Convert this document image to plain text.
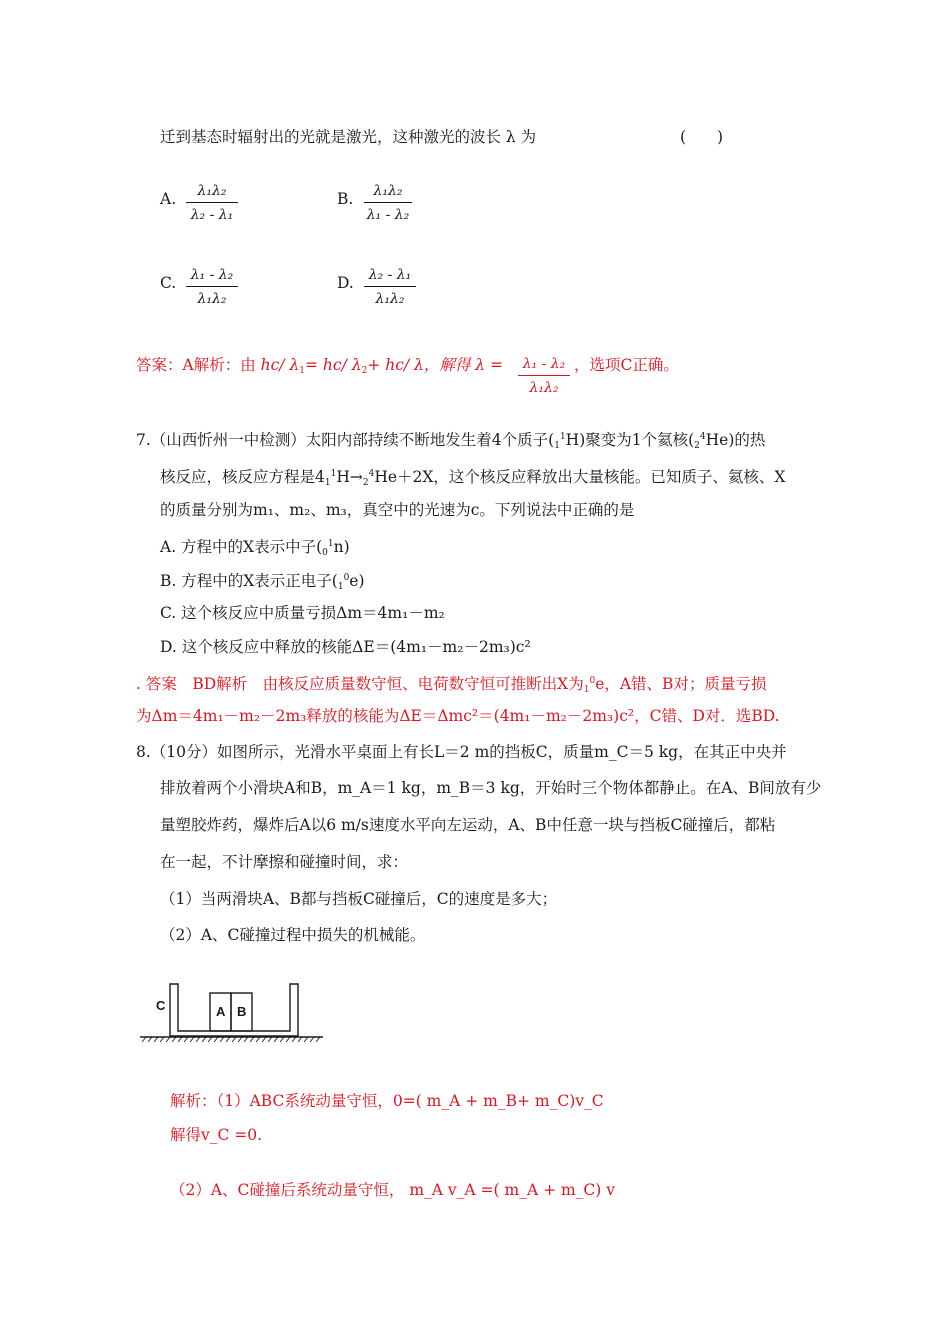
迁到基态时辐射出的光就是激光，这种激光的波长 λ 为	(　　)
A.	λ₁λ₂
λ₂ - λ₁
B.	λ₁λ₂
λ₁ - λ₂
C.	λ₁ - λ₂
λ₁λ₂
D.	λ₂ - λ₁
λ₁λ₂
答案：A解析：由 hc/ $\lambda_1= hc/$ $\lambda_2+ hc/$ λ，解得 λ =	λ₁ - λ₂
λ₁λ₂
，选项C正确。
7.（山西忻州一中检测）太阳内部持续不断地发生着4个质子$(_1^1H)$聚变为1个氦核$(_2^4He)$的热
核反应，核反应方程是$4_1^1H\to_2^4He+2X$，这个核反应释放出大量核能。已知质子、氦核、X
的质量分别为m₁、m₂、m₃，真空中的光速为c。下列说法中正确的是
A. 方程中的X表示中子$(_0^1n)$
B. 方程中的X表示正电子$(_1^0e)$
C. 这个核反应中质量亏损Δm＝4m₁－m₂
D. 这个核反应中释放的核能ΔE＝(4m₁－m₂－2m₃)c²
. 答案　BD解析　由核反应质量数守恒、电荷数守恒可推断出X为$_1^0$e，A错、B对；质量亏损
为Δm＝4m₁－m₂－2m₃释放的核能为ΔE＝Δmc²＝(4m₁－m₂－2m₃)c²，C错、D对．选BD.
8.（10分）如图所示，光滑水平桌面上有长L＝2 m的挡板C，质量m_C＝5 kg，在其正中央并
排放着两个小滑块A和B，m_A＝1 kg，m_B＝3 kg，开始时三个物体都静止。在A、B间放有少
量塑胶炸药，爆炸后A以6 m/s速度水平向左运动，A、B中任意一块与挡板C碰撞后，都粘
在一起，不计摩擦和碰撞时间，求：
（1）当两滑块A、B都与挡板C碰撞后，C的速度是多大；
（2）A、C碰撞过程中损失的机械能。
C	A B
解析：（1）ABC系统动量守恒，0=( m_A + m_B+ m_C)v_C
解得v_C =0.
（2）A、C碰撞后系统动量守恒， m_A v_A =( m_A + m_C) v
